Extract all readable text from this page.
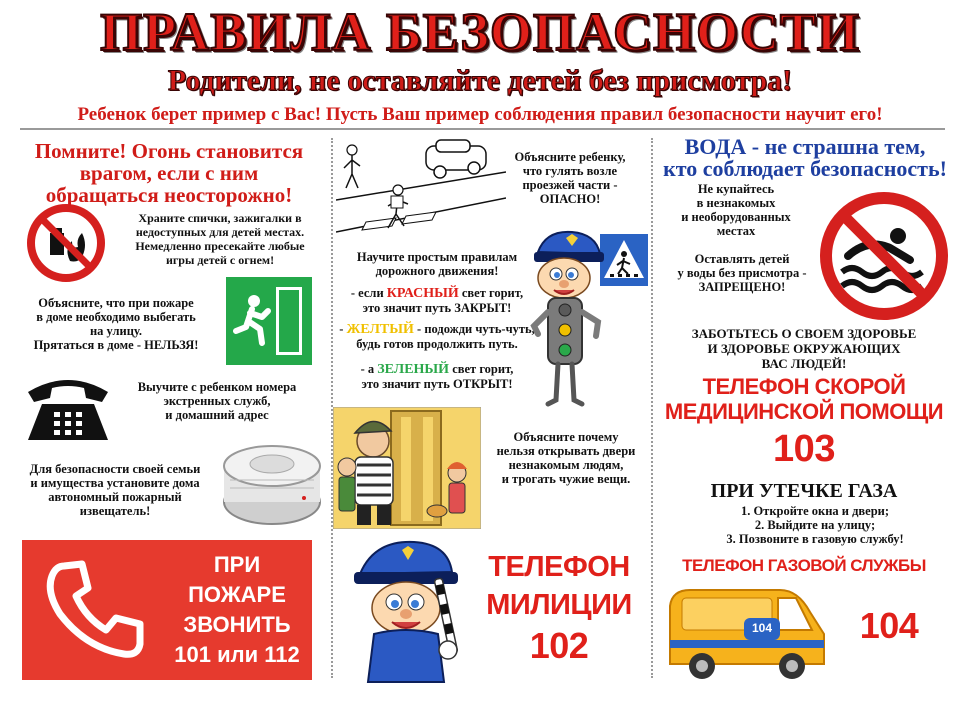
ПРАВИЛА БЕЗОПАСНОСТИ
Родители, не оставляйте детей без присмотра!
Ребенок берет пример с Вас! Пусть Ваш пример соблюдения правил безопасности научит его!
Помните! Огонь становится
врагом, если с ним
обращаться неосторожно!
Храните спички, зажигалки в
недоступных для детей местах.
Немедленно пресекайте любые
игры детей с огнем!
Объясните, что при пожаре
в доме необходимо выбегать
на улицу.
Прятаться в доме - НЕЛЬЗЯ!
Выучите с ребенком номера
экстренных служб,
и домашний адрес
Для безопасности своей семьи
и имущества установите дома
автономный пожарный
извещатель!
ПРИ
ПОЖАРЕ
ЗВОНИТЬ
101 или 112
Объясните ребенку,
что гулять возле
проезжей части -
ОПАСНО!
Научите простым правилам
дорожного движения!
- если КРАСНЫЙ свет горит,
это значит путь ЗАКРЫТ!
- ЖЕЛТЫЙ - подожди чуть-чуть,
будь готов продолжить путь.
- а ЗЕЛЕНЫЙ свет горит,
это значит путь ОТКРЫТ!
Объясните почему
нельзя открывать двери
незнакомым людям,
и трогать чужие вещи.
ТЕЛЕФОН
МИЛИЦИИ
102
ВОДА - не страшна тем,
кто соблюдает безопасность!
Не купайтесь
в незнакомых
и необорудованных
местах
Оставлять детей
у воды без присмотра -
ЗАПРЕЩЕНО!
ЗАБОТЬТЕСЬ О СВОЕМ ЗДОРОВЬЕ
И ЗДОРОВЬЕ ОКРУЖАЮЩИХ
ВАС ЛЮДЕЙ!
ТЕЛЕФОН СКОРОЙ
МЕДИЦИНСКОЙ ПОМОЩИ
103
ПРИ УТЕЧКЕ ГАЗА
1. Откройте окна и двери;
2. Выйдите на улицу;
3. Позвоните в газовую службу!
ТЕЛЕФОН ГАЗОВОЙ СЛУЖБЫ
104	104
